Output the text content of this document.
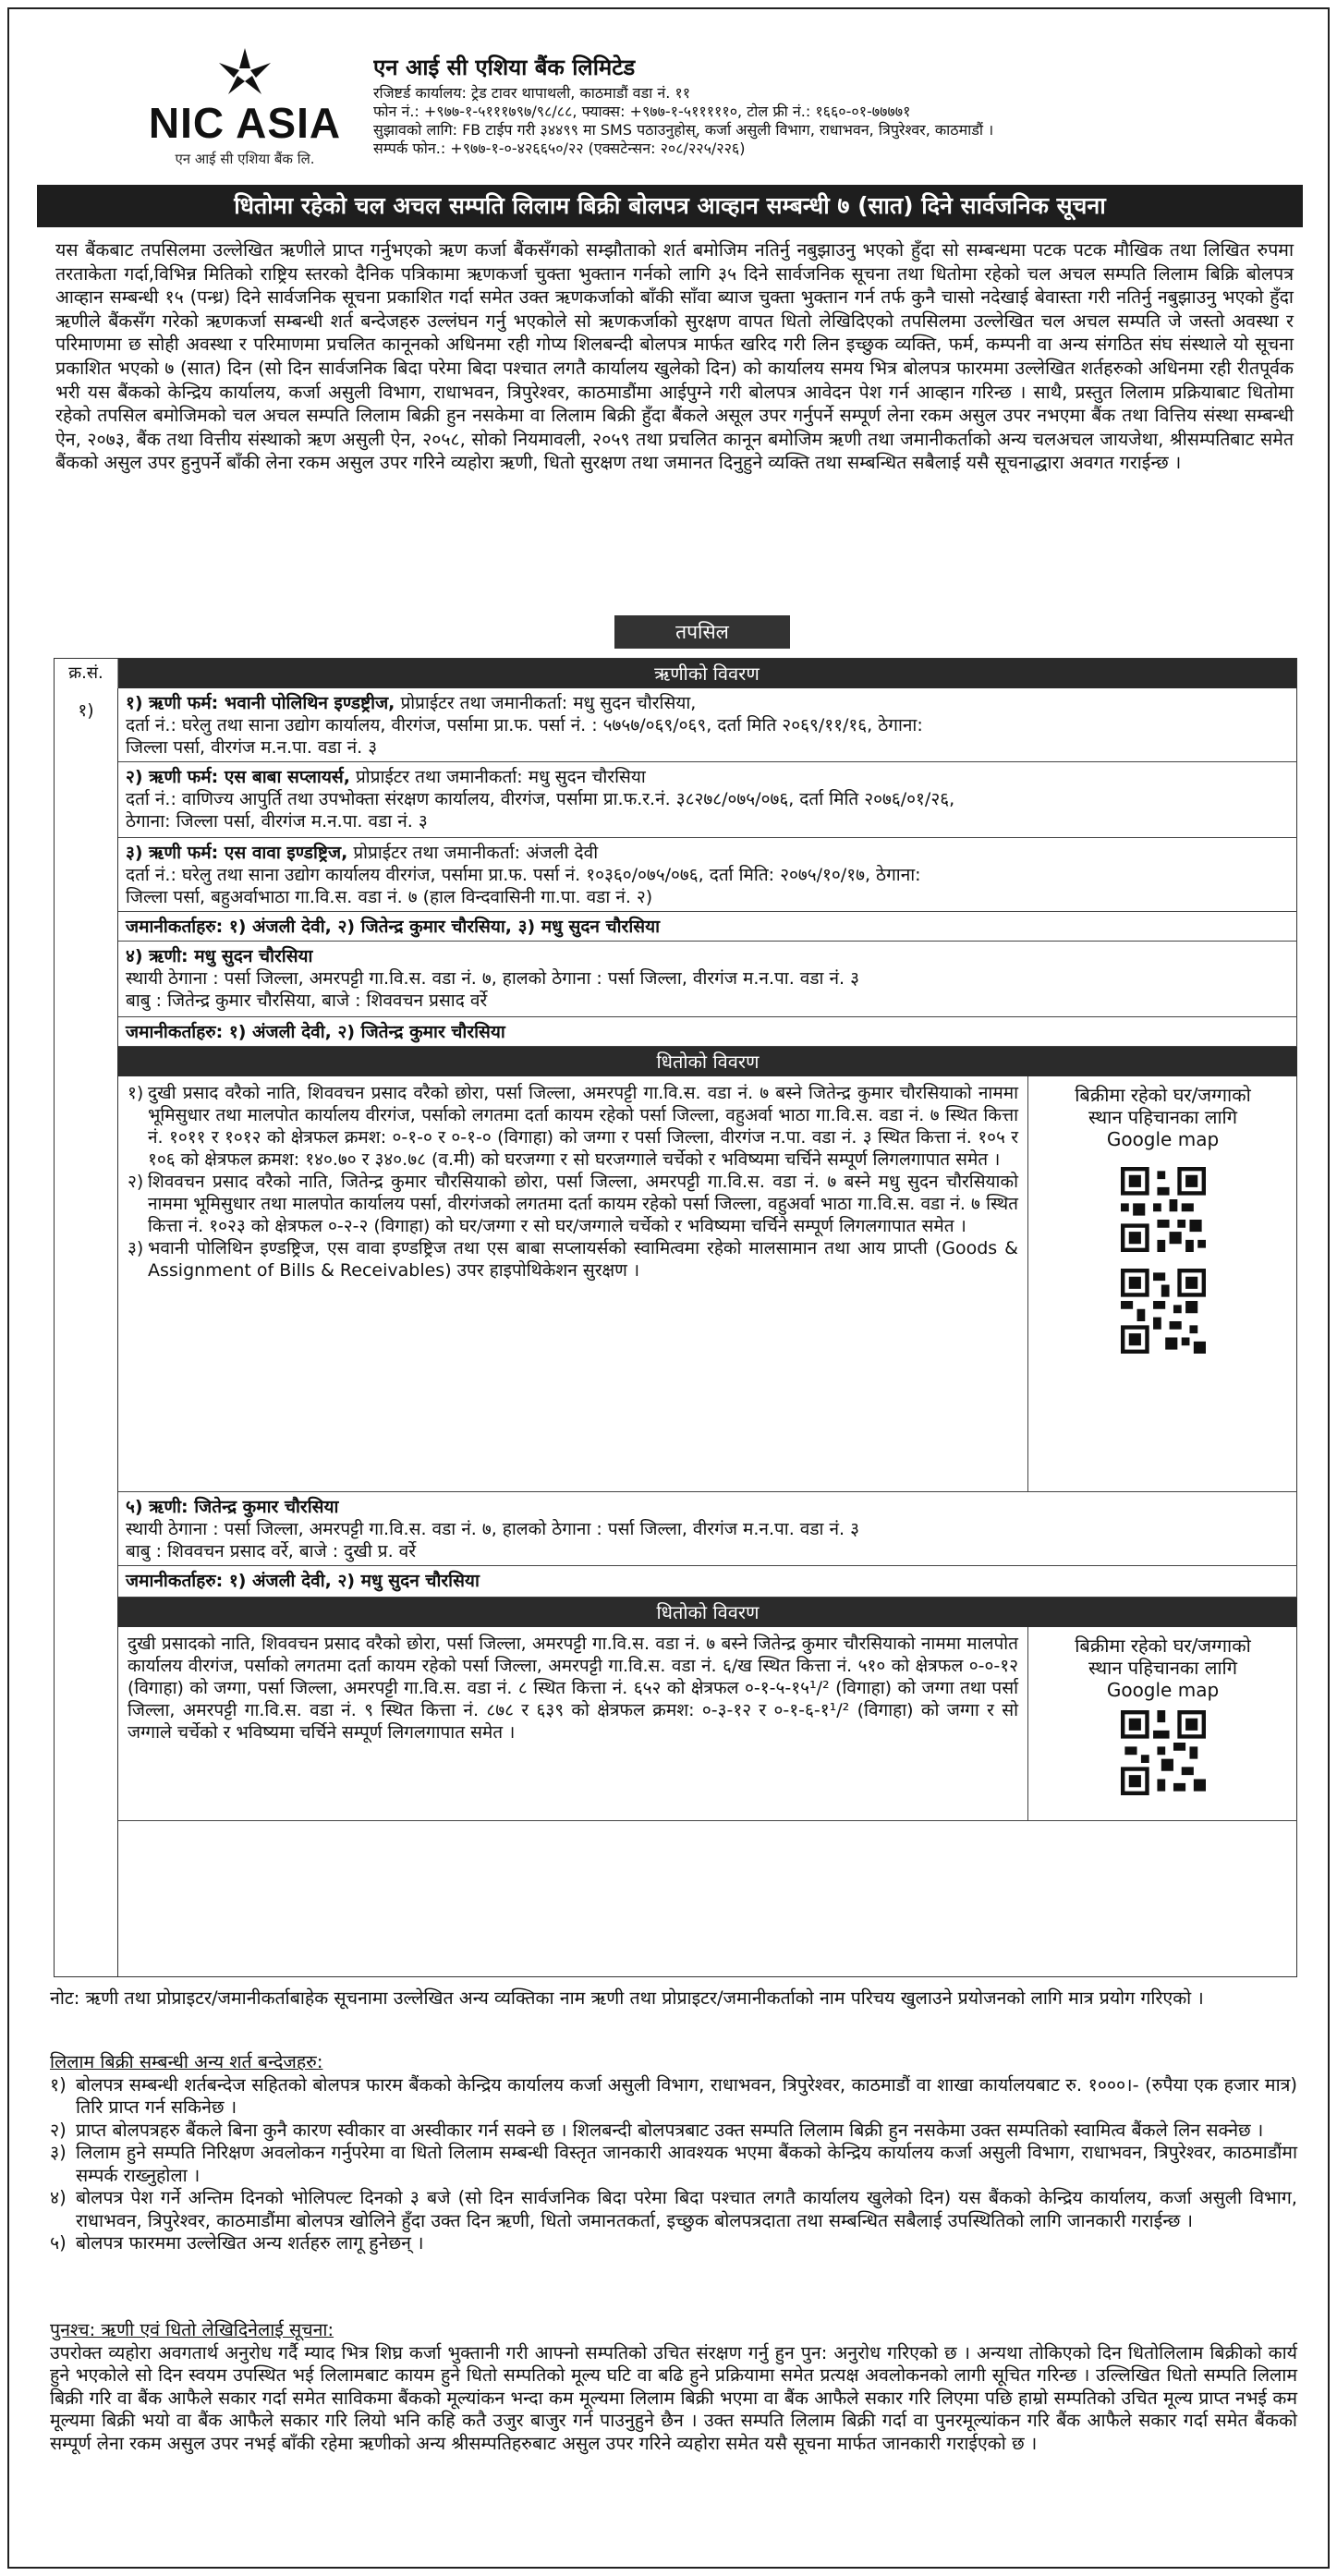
NIC ASIA
एन आई सी एशिया बैंक लि.
एन आई सी एशिया बैंक लिमिटेड
रजिष्टर्ड कार्यालय: ट्रेड टावर थापाथली, काठमाडौं वडा नं. ११
फोन नं.: +९७७-१-५१११७९७/९८/८८, फ्याक्स: +९७७-१-५१११११०, टोल फ्री नं.: १६६०-०१-७७७७१
सुझावको लागि: FB टाईप गरी ३४४९९ मा SMS पठाउनुहोस्, कर्जा असुली विभाग, राधाभवन, त्रिपुरेश्वर, काठमाडौं ।
सम्पर्क फोन.: +९७७-१-०-४२६६५०/२२ (एक्सटेन्सन: २०८/२२५/२२६)
धितोमा रहेको चल अचल सम्पति लिलाम बिक्री बोलपत्र आव्हान सम्बन्धी ७ (सात) दिने सार्वजनिक सूचना
यस बैंकबाट तपसिलमा उल्लेखित ऋणीले प्राप्त गर्नुभएको ऋण कर्जा बैंकसँगको सम्झौताको शर्त बमोजिम नतिर्नु नबुझाउनु भएको हुँदा सो सम्बन्धमा पटक पटक मौखिक तथा लिखित रुपमा तरताकेता गर्दा,विभिन्न मितिको राष्ट्रिय स्तरको दैनिक पत्रिकामा ऋणकर्जा चुक्ता भुक्तान गर्नको लागि ३५ दिने सार्वजनिक सूचना तथा धितोमा रहेको चल अचल सम्पति लिलाम बिक्रि बोलपत्र आव्हान सम्बन्धी १५ (पन्ध्र) दिने सार्वजनिक सूचना प्रकाशित गर्दा समेत उक्त ऋणकर्जाको बाँकी साँवा ब्याज चुक्ता भुक्तान गर्न तर्फ कुनै चासो नदेखाई बेवास्ता गरी नतिर्नु नबुझाउनु भएको हुँदा ऋणीले बैंकसँग गरेको ऋणकर्जा सम्बन्धी शर्त बन्देजहरु उल्लंघन गर्नु भएकोले सो ऋणकर्जाको सुरक्षण वापत धितो लेखिदिएको तपसिलमा उल्लेखित चल अचल सम्पति जे जस्तो अवस्था र परिमाणमा छ सोही अवस्था र परिमाणमा प्रचलित कानूनको अधिनमा रही गोप्य शिलबन्दी बोलपत्र मार्फत खरिद गरी लिन इच्छुक व्यक्ति, फर्म, कम्पनी वा अन्य संगठित संघ संस्थाले यो सूचना प्रकाशित भएको ७ (सात) दिन (सो दिन सार्वजनिक बिदा परेमा बिदा पश्चात लगतै कार्यालय खुलेको दिन) को कार्यालय समय भित्र बोलपत्र फारममा उल्लेखित शर्तहरुको अधिनमा रही रीतपूर्वक भरी यस बैंकको केन्द्रिय कार्यालय, कर्जा असुली विभाग, राधाभवन, त्रिपुरेश्वर, काठमाडौंमा आईपुग्ने गरी बोलपत्र आवेदन पेश गर्न आव्हान गरिन्छ । साथै, प्रस्तुत लिलाम प्रक्रियाबाट धितोमा रहेको तपसिल बमोजिमको चल अचल सम्पति लिलाम बिक्री हुन नसकेमा वा लिलाम बिक्री हुँदा बैंकले असूल उपर गर्नुपर्ने सम्पूर्ण लेना रकम असुल उपर नभएमा बैंक तथा वित्तिय संस्था सम्बन्धी ऐन, २०७३, बैंक तथा वित्तीय संस्थाको ऋण असुली ऐन, २०५८, सोको नियमावली, २०५९ तथा प्रचलित कानून बमोजिम ऋणी तथा जमानीकर्ताको अन्य चलअचल जायजेथा, श्रीसम्पतिबाट समेत बैंकको असुल उपर हुनुपर्ने बाँकी लेना रकम असुल उपर गरिने व्यहोरा ऋणी, धितो सुरक्षण तथा जमानत दिनुहुने व्यक्ति तथा सम्बन्धित सबैलाई यसै सूचनाद्धारा अवगत गराईन्छ ।
तपसिल
क्र.सं.	ऋणीको विवरण
१)	१) ऋणी फर्म: भवानी पोलिथिन इण्डष्ट्रीज, प्रोप्राईटर तथा जमानीकर्ता: मधु सुदन चौरसिया,
दर्ता नं.: घरेलु तथा साना उद्योग कार्यालय, वीरगंज, पर्सामा प्रा.फ. पर्सा नं. : ५७५७/०६९/०६९, दर्ता मिति २०६९/११/१६, ठेगाना:
जिल्ला पर्सा, वीरगंज म.न.पा. वडा नं. ३
२) ऋणी फर्म: एस बाबा सप्लायर्स, प्रोप्राईटर तथा जमानीकर्ता: मधु सुदन चौरसिया
दर्ता नं.: वाणिज्य आपुर्ति तथा उपभोक्ता संरक्षण कार्यालय, वीरगंज, पर्सामा प्रा.फ.र.नं. ३८२७८/०७५/०७६, दर्ता मिति २०७६/०१/२६,
ठेगाना: जिल्ला पर्सा, वीरगंज म.न.पा. वडा नं. ३
३) ऋणी फर्म: एस वावा इण्डष्ट्रिज, प्रोप्राईटर तथा जमानीकर्ता: अंजली देवी
दर्ता नं.: घरेलु तथा साना उद्योग कार्यालय वीरगंज, पर्सामा प्रा.फ. पर्सा नं. १०३६०/०७५/०७६, दर्ता मिति: २०७५/१०/१७, ठेगाना:
जिल्ला पर्सा, बहुअर्वाभाठा गा.वि.स. वडा नं. ७ (हाल विन्दवासिनी गा.पा. वडा नं. २)
जमानीकर्ताहरु: १) अंजली देवी, २) जितेन्द्र कुमार चौरसिया, ३) मधु सुदन चौरसिया
४) ऋणी: मधु सुदन चौरसिया
स्थायी ठेगाना : पर्सा जिल्ला, अमरपट्टी गा.वि.स. वडा नं. ७, हालको ठेगाना : पर्सा जिल्ला, वीरगंज म.न.पा. वडा नं. ३
बाबु : जितेन्द्र कुमार चौरसिया, बाजे : शिववचन प्रसाद वर्रे
जमानीकर्ताहरु: १) अंजली देवी, २) जितेन्द्र कुमार चौरसिया
धितोको विवरण
१) दुखी प्रसाद वरैको नाति, शिववचन प्रसाद वरैको छोरा, पर्सा जिल्ला, अमरपट्टी गा.वि.स. वडा नं. ७ बस्ने जितेन्द्र कुमार चौरसियाको नाममा भूमिसुधार तथा मालपोत कार्यालय वीरगंज, पर्साको लगतमा दर्ता कायम रहेको पर्सा जिल्ला, वहुअर्वा भाठा गा.वि.स. वडा नं. ७ स्थित कित्ता नं. १०११ र १०१२ को क्षेत्रफल क्रमश: ०-१-० र ०-१-० (विगाहा) को जग्गा र पर्सा जिल्ला, वीरगंज न.पा. वडा नं. ३ स्थित कित्ता नं. १०५ र १०६ को क्षेत्रफल क्रमश: १४०.७० र ३४०.७८ (व.मी) को घरजग्गा र सो घरजग्गाले चर्चेको र भविष्यमा चर्चिने सम्पूर्ण लिगलगापात समेत ।
२) शिववचन प्रसाद वरैको नाति, जितेन्द्र कुमार चौरसियाको छोरा, पर्सा जिल्ला, अमरपट्टी गा.वि.स. वडा नं. ७ बस्ने मधु सुदन चौरसियाको नाममा भूमिसुधार तथा मालपोत कार्यालय पर्सा, वीरगंजको लगतमा दर्ता कायम रहेको पर्सा जिल्ला, वहुअर्वा भाठा गा.वि.स. वडा नं. ७ स्थित कित्ता नं. १०२३ को क्षेत्रफल ०-२-२ (विगाहा) को घर/जग्गा र सो घर/जग्गाले चर्चेको र भविष्यमा चर्चिने सम्पूर्ण लिगलगापात समेत ।
३) भवानी पोलिथिन इण्डष्ट्रिज, एस वावा इण्डष्ट्रिज तथा एस बाबा सप्लायर्सको स्वामित्वमा रहेको मालसामान तथा आय प्राप्ती (Goods & Assignment of Bills & Receivables) उपर हाइपोथिकेशन सुरक्षण ।
बिक्रीमा रहेको घर/जग्गाको
स्थान पहिचानका लागि
Google map
५) ऋणी: जितेन्द्र कुमार चौरसिया
स्थायी ठेगाना : पर्सा जिल्ला, अमरपट्टी गा.वि.स. वडा नं. ७, हालको ठेगाना : पर्सा जिल्ला, वीरगंज म.न.पा. वडा नं. ३
बाबु : शिववचन प्रसाद वर्रे, बाजे : दुखी प्र. वर्रे
जमानीकर्ताहरु: १) अंजली देवी, २) मधु सुदन चौरसिया
धितोको विवरण
दुखी प्रसादको नाति, शिववचन प्रसाद वरैको छोरा, पर्सा जिल्ला, अमरपट्टी गा.वि.स. वडा नं. ७ बस्ने जितेन्द्र कुमार चौरसियाको नाममा मालपोत कार्यालय वीरगंज, पर्साको लगतमा दर्ता कायम रहेको पर्सा जिल्ला, अमरपट्टी गा.वि.स. वडा नं. ६/ख स्थित कित्ता नं. ५१० को क्षेत्रफल ०-०-१२ (विगाहा) को जग्गा, पर्सा जिल्ला, अमरपट्टी गा.वि.स. वडा नं. ८ स्थित कित्ता नं. ६५२ को क्षेत्रफल ०-१-५-१५¹/² (विगाहा) को जग्गा तथा पर्सा जिल्ला, अमरपट्टी गा.वि.स. वडा नं. ९ स्थित कित्ता नं. ८७८ र ६३९ को क्षेत्रफल क्रमश: ०-३-१२ र ०-१-६-१¹/² (विगाहा) को जग्गा र सो जग्गाले चर्चेको र भविष्यमा चर्चिने सम्पूर्ण लिगलगापात समेत ।
बिक्रीमा रहेको घर/जग्गाको
स्थान पहिचानका लागि
Google map
नोट: ऋणी तथा प्रोप्राइटर/जमानीकर्ताबाहेक सूचनामा उल्लेखित अन्य व्यक्तिका नाम ऋणी तथा प्रोप्राइटर/जमानीकर्ताको नाम परिचय खुलाउने प्रयोजनको लागि मात्र प्रयोग गरिएको ।
लिलाम बिक्री सम्बन्धी अन्य शर्त बन्देजहरु:
१) बोलपत्र सम्बन्धी शर्तबन्देज सहितको बोलपत्र फारम बैंकको केन्द्रिय कार्यालय कर्जा असुली विभाग, राधाभवन, त्रिपुरेश्वर, काठमाडौं वा शाखा कार्यालयबाट रु. १०००।- (रुपैया एक हजार मात्र) तिरि प्राप्त गर्न सकिनेछ ।
२) प्राप्त बोलपत्रहरु बैंकले बिना कुनै कारण स्वीकार वा अस्वीकार गर्न सक्ने छ । शिलबन्दी बोलपत्रबाट उक्त सम्पति लिलाम बिक्री हुन नसकेमा उक्त सम्पतिको स्वामित्व बैंकले लिन सक्नेछ ।
३) लिलाम हुने सम्पति निरिक्षण अवलोकन गर्नुपरेमा वा धितो लिलाम सम्बन्धी विस्तृत जानकारी आवश्यक भएमा बैंकको केन्द्रिय कार्यालय कर्जा असुली विभाग, राधाभवन, त्रिपुरेश्वर, काठमाडौंमा सम्पर्क राख्नुहोला ।
४) बोलपत्र पेश गर्ने अन्तिम दिनको भोलिपल्ट दिनको ३ बजे (सो दिन सार्वजनिक बिदा परेमा बिदा पश्चात लगतै कार्यालय खुलेको दिन) यस बैंकको केन्द्रिय कार्यालय, कर्जा असुली विभाग, राधाभवन, त्रिपुरेश्वर, काठमाडौंमा बोलपत्र खोलिने हुँदा उक्त दिन ऋणी, धितो जमानतकर्ता, इच्छुक बोलपत्रदाता तथा सम्बन्धित सबैलाई उपस्थितिको लागि जानकारी गराईन्छ ।
५) बोलपत्र फारममा उल्लेखित अन्य शर्तहरु लागू हुनेछन् ।
पुनश्च: ऋणी एवं धितो लेखिदिनेलाई सूचना:
उपरोक्त व्यहोरा अवगतार्थ अनुरोध गर्दै म्याद भित्र शिघ्र कर्जा भुक्तानी गरी आफ्नो सम्पतिको उचित संरक्षण गर्नु हुन पुन: अनुरोध गरिएको छ । अन्यथा तोकिएको दिन धितोलिलाम बिक्रीको कार्य हुने भएकोले सो दिन स्वयम उपस्थित भई लिलामबाट कायम हुने धितो सम्पतिको मूल्य घटि वा बढि हुने प्रक्रियामा समेत प्रत्यक्ष अवलोकनको लागी सूचित गरिन्छ । उल्लिखित धितो सम्पति लिलाम बिक्री गरि वा बैंक आफैले सकार गर्दा समेत साविकमा बैंकको मूल्यांकन भन्दा कम मूल्यमा लिलाम बिक्री भएमा वा बैंक आफैले सकार गरि लिएमा पछि हाम्रो सम्पतिको उचित मूल्य प्राप्त नभई कम मूल्यमा बिक्री भयो वा बैंक आफैले सकार गरि लियो भनि कहि कतै उजुर बाजुर गर्न पाउनुहुने छैन । उक्त सम्पति लिलाम बिक्री गर्दा वा पुनरमूल्यांकन गरि बैंक आफैले सकार गर्दा समेत बैंकको सम्पूर्ण लेना रकम असुल उपर नभई बाँकी रहेमा ऋणीको अन्य श्रीसम्पतिहरुबाट असुल उपर गरिने व्यहोरा समेत यसै सूचना मार्फत जानकारी गराईएको छ ।
